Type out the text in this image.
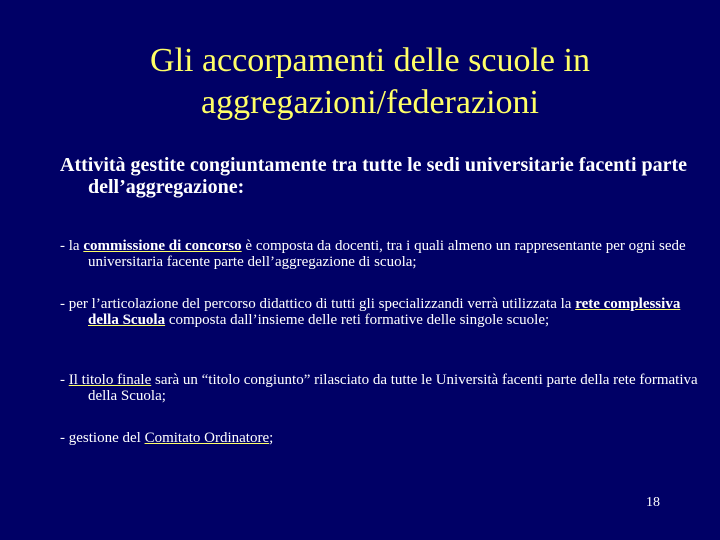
Gli accorpamenti delle scuole in
aggregazioni/federazioni
Attività gestite congiuntamente tra tutte le sedi universitarie facenti parte dell’aggregazione:
- la commissione di concorso è composta da docenti, tra i quali almeno un rappresentante per ogni sede universitaria facente parte dell’aggregazione di scuola;
- per l’articolazione del percorso didattico di tutti gli specializzandi verrà utilizzata la rete complessiva della Scuola composta dall’insieme delle reti formative delle singole scuole;
- Il titolo finale sarà un “titolo congiunto” rilasciato da tutte le Università facenti parte della rete formativa della Scuola;
- gestione del Comitato Ordinatore;
18
